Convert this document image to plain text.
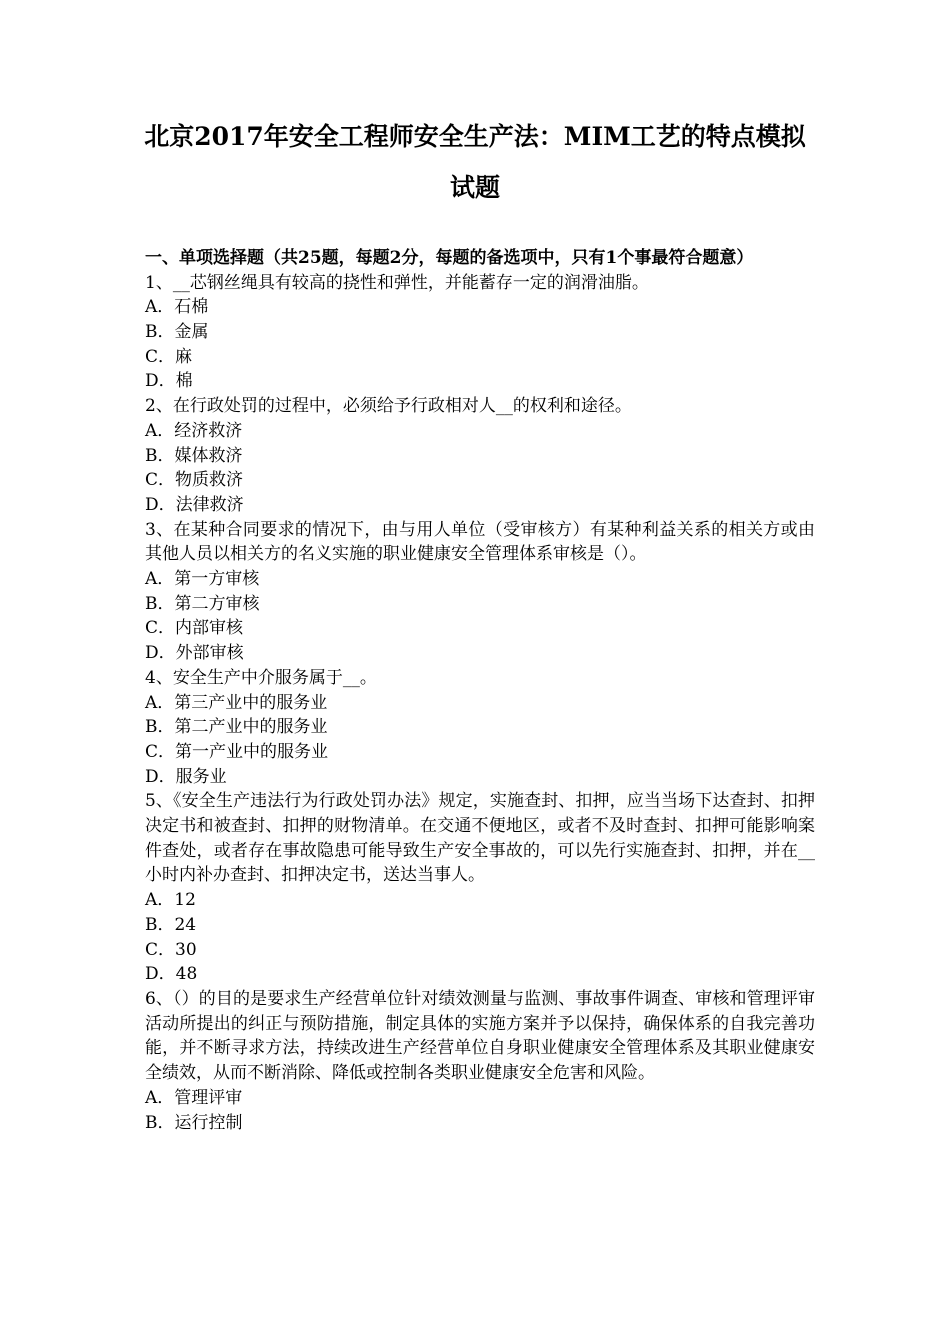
北京2017年安全工程师安全生产法：MIM工艺的特点模拟
试题
一、单项选择题（共25题，每题2分，每题的备选项中，只有1个事最符合题意）
1、__芯钢丝绳具有较高的挠性和弹性，并能蓄存一定的润滑油脂。
A．石棉
B．金属
C．麻
D．棉
2、在行政处罚的过程中，必须给予行政相对人__的权利和途径。
A．经济救济
B．媒体救济
C．物质救济
D．法律救济
3、在某种合同要求的情况下，由与用人单位（受审核方）有某种利益关系的相关方或由其他人员以相关方的名义实施的职业健康安全管理体系审核是（）。
A．第一方审核
B．第二方审核
C．内部审核
D．外部审核
4、安全生产中介服务属于__。
A．第三产业中的服务业
B．第二产业中的服务业
C．第一产业中的服务业
D．服务业
5、《安全生产违法行为行政处罚办法》规定，实施查封、扣押，应当当场下达查封、扣押决定书和被查封、扣押的财物清单。在交通不便地区，或者不及时查封、扣押可能影响案件查处，或者存在事故隐患可能导致生产安全事故的，可以先行实施查封、扣押，并在__小时内补办查封、扣押决定书，送达当事人。
A．12
B．24
C．30
D．48
6、（）的目的是要求生产经营单位针对绩效测量与监测、事故事件调查、审核和管理评审活动所提出的纠正与预防措施，制定具体的实施方案并予以保持，确保体系的自我完善功能，并不断寻求方法，持续改进生产经营单位自身职业健康安全管理体系及其职业健康安全绩效，从而不断消除、降低或控制各类职业健康安全危害和风险。
A．管理评审
B．运行控制
